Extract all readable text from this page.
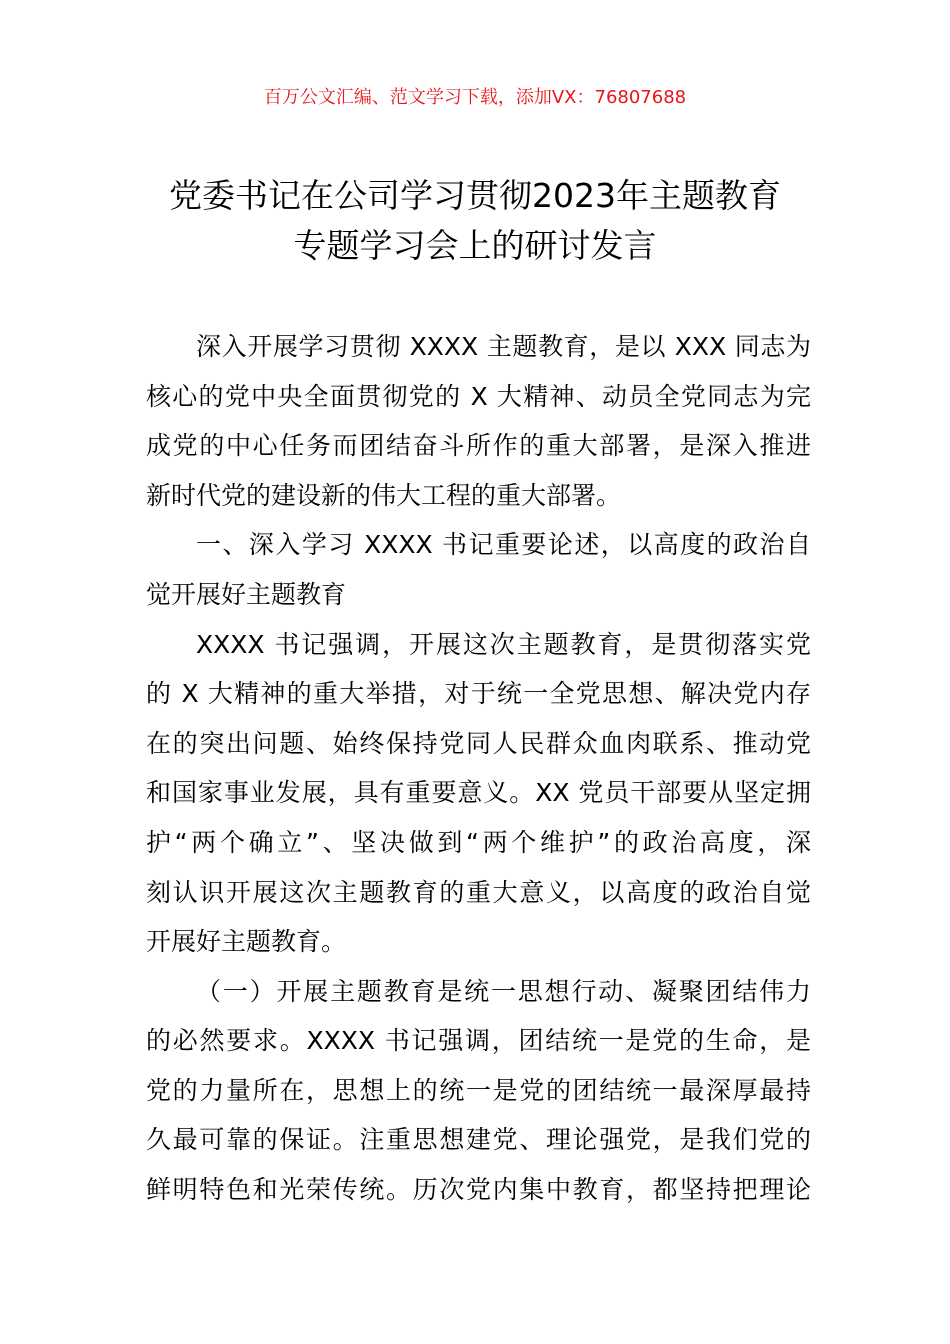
百万公文汇编、范文学习下载，添加VX：76807688
党委书记在公司学习贯彻2023年主题教育
专题学习会上的研讨发言
深入开展学习贯彻 XXXX 主题教育，是以 XXX 同志为
核心的党中央全面贯彻党的 X 大精神、动员全党同志为完
成党的中心任务而团结奋斗所作的重大部署，是深入推进
新时代党的建设新的伟大工程的重大部署。
一、深入学习 XXXX 书记重要论述，以高度的政治自
觉开展好主题教育
XXXX 书记强调，开展这次主题教育，是贯彻落实党
的 X 大精神的重大举措，对于统一全党思想、解决党内存
在的突出问题、始终保持党同人民群众血肉联系、推动党
和国家事业发展，具有重要意义。XX 党员干部要从坚定拥
护“两个确立”、坚决做到“两个维护”的政治高度，深
刻认识开展这次主题教育的重大意义，以高度的政治自觉
开展好主题教育。
（一）开展主题教育是统一思想行动、凝聚团结伟力
的必然要求。XXXX 书记强调，团结统一是党的生命，是
党的力量所在，思想上的统一是党的团结统一最深厚最持
久最可靠的保证。注重思想建党、理论强党，是我们党的
鲜明特色和光荣传统。历次党内集中教育，都坚持把理论
